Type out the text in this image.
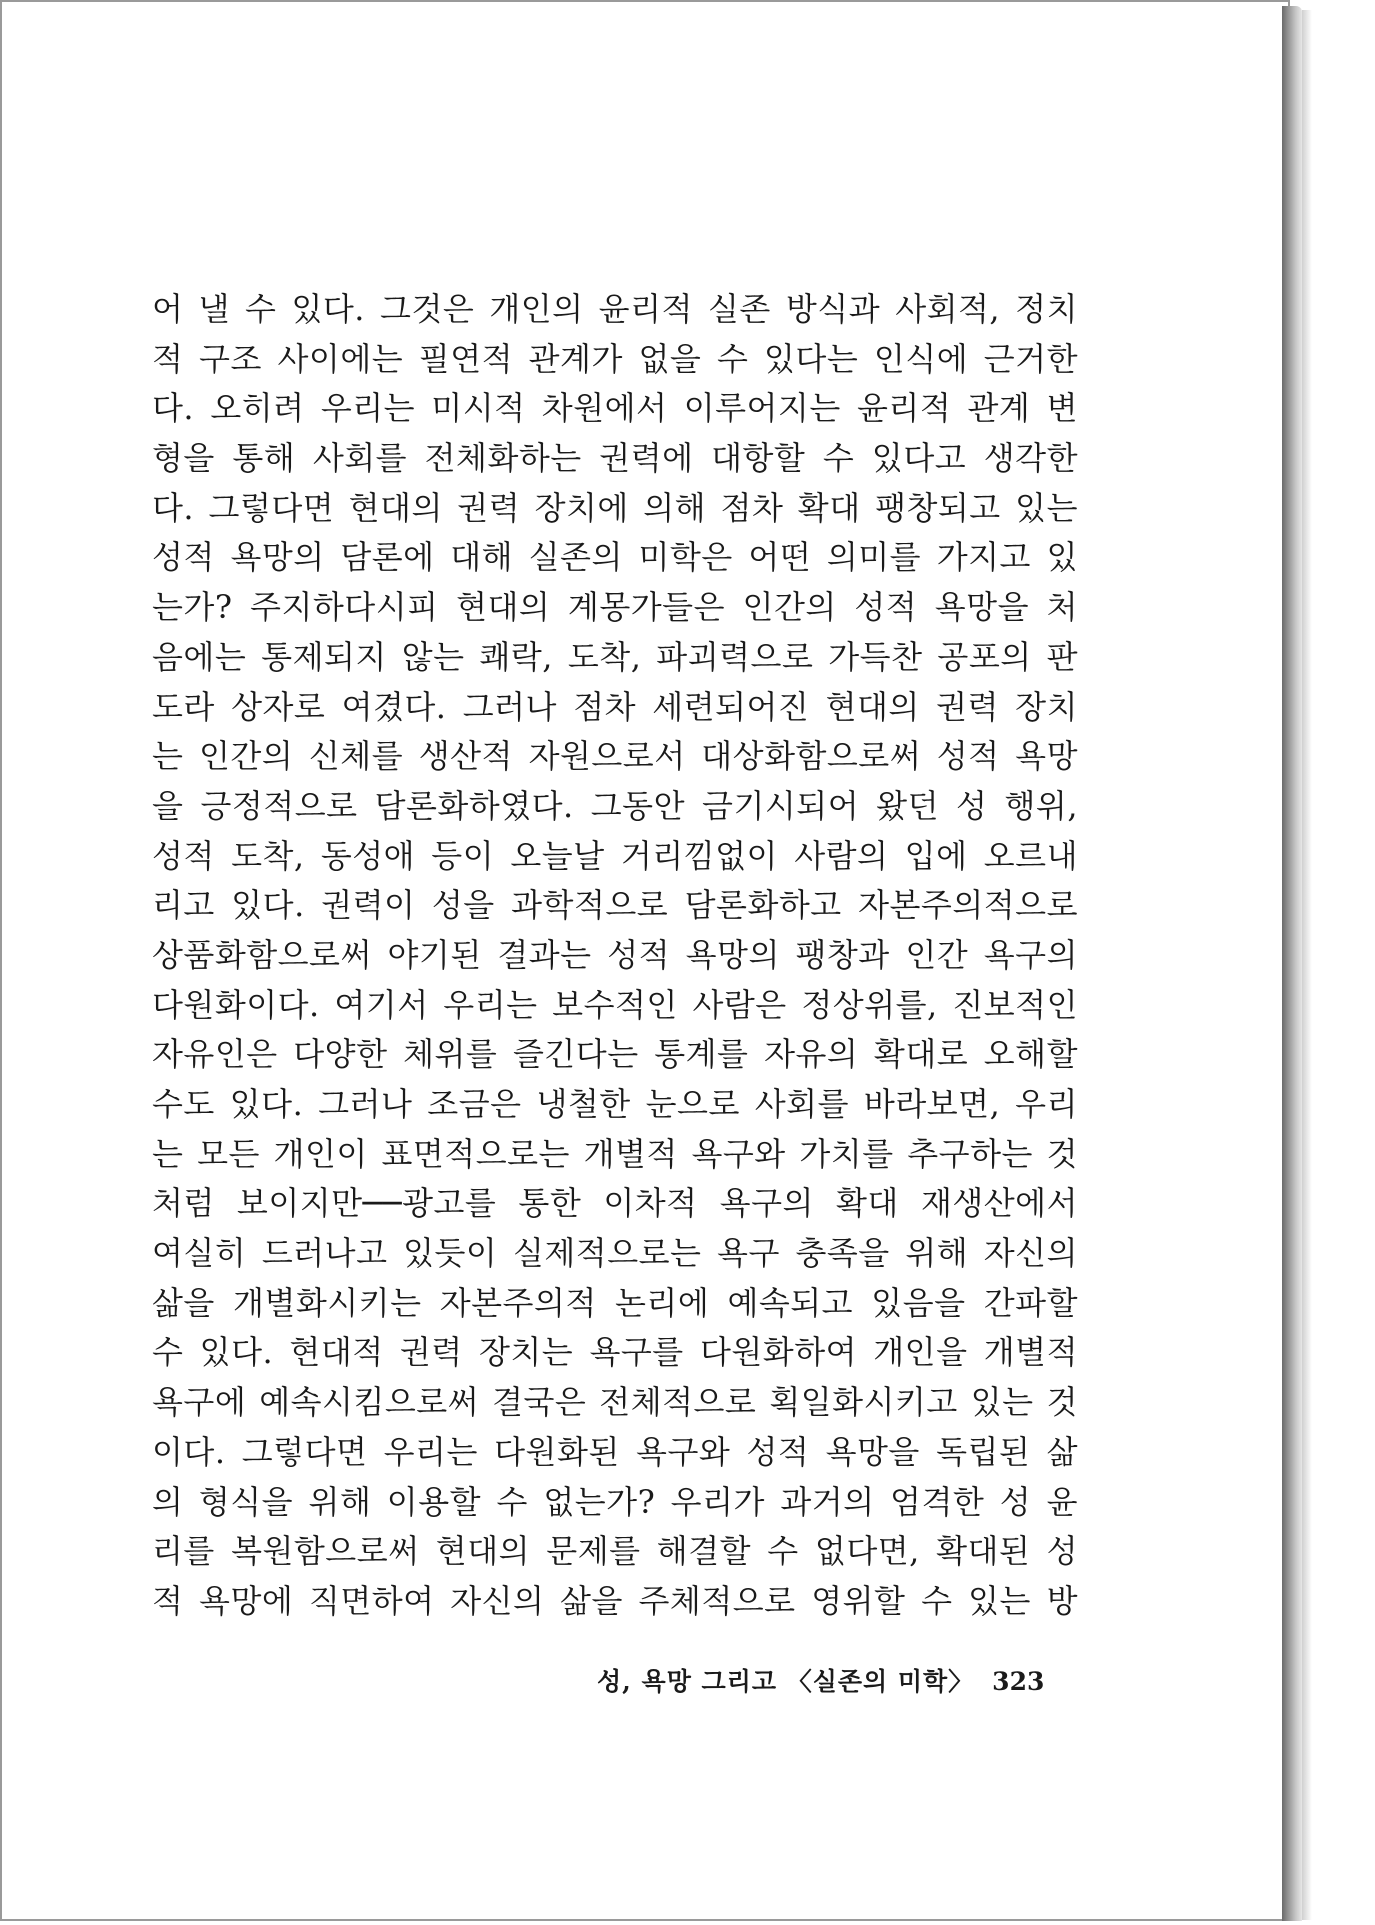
어 낼 수 있다. 그것은 개인의 윤리적 실존 방식과 사회적, 정치
적 구조 사이에는 필연적 관계가 없을 수 있다는 인식에 근거한
다. 오히려 우리는 미시적 차원에서 이루어지는 윤리적 관계 변
형을 통해 사회를 전체화하는 권력에 대항할 수 있다고 생각한
다. 그렇다면 현대의 권력 장치에 의해 점차 확대 팽창되고 있는
성적 욕망의 담론에 대해 실존의 미학은 어떤 의미를 가지고 있
는가? 주지하다시피 현대의 계몽가들은 인간의 성적 욕망을 처
음에는 통제되지 않는 쾌락, 도착, 파괴력으로 가득찬 공포의 판
도라 상자로 여겼다. 그러나 점차 세련되어진 현대의 권력 장치
는 인간의 신체를 생산적 자원으로서 대상화함으로써 성적 욕망
을 긍정적으로 담론화하였다. 그동안 금기시되어 왔던 성 행위,
성적 도착, 동성애 등이 오늘날 거리낌없이 사람의 입에 오르내
리고 있다. 권력이 성을 과학적으로 담론화하고 자본주의적으로
상품화함으로써 야기된 결과는 성적 욕망의 팽창과 인간 욕구의
다원화이다. 여기서 우리는 보수적인 사람은 정상위를, 진보적인
자유인은 다양한 체위를 즐긴다는 통계를 자유의 확대로 오해할
수도 있다. 그러나 조금은 냉철한 눈으로 사회를 바라보면, 우리
는 모든 개인이 표면적으로는 개별적 욕구와 가치를 추구하는 것
처럼 보이지만──광고를 통한 이차적 욕구의 확대 재생산에서
여실히 드러나고 있듯이 실제적으로는 욕구 충족을 위해 자신의
삶을 개별화시키는 자본주의적 논리에 예속되고 있음을 간파할
수 있다. 현대적 권력 장치는 욕구를 다원화하여 개인을 개별적
욕구에 예속시킴으로써 결국은 전체적으로 획일화시키고 있는 것
이다. 그렇다면 우리는 다원화된 욕구와 성적 욕망을 독립된 삶
의 형식을 위해 이용할 수 없는가? 우리가 과거의 엄격한 성 윤
리를 복원함으로써 현대의 문제를 해결할 수 없다면, 확대된 성
적 욕망에 직면하여 자신의 삶을 주체적으로 영위할 수 있는 방
성, 욕망 그리고 〈실존의 미학〉 323
